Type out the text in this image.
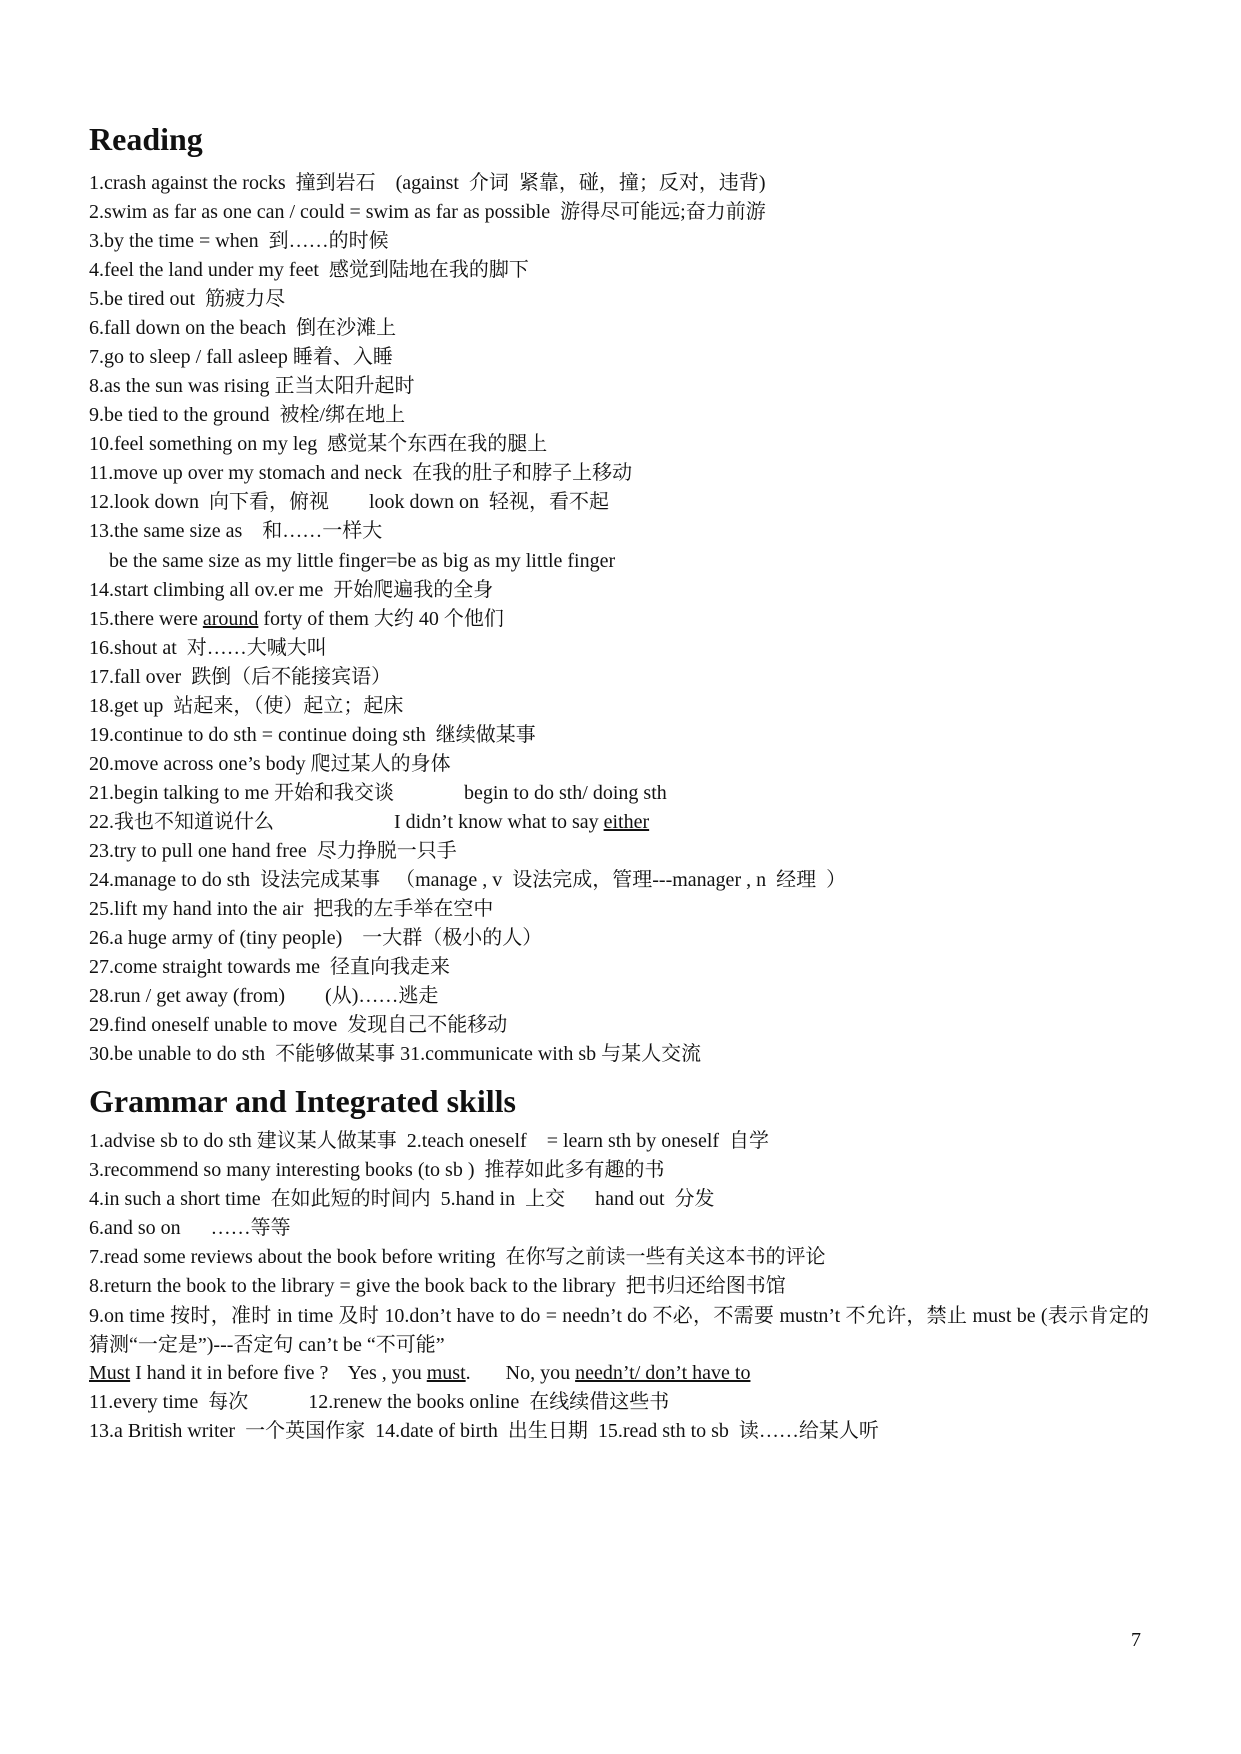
Reading

1.crash against the rocks  撞到岩石    (against  介词  紧靠，碰，撞；反对，违背)

2.swim as far as one can / could = swim as far as possible  游得尽可能远;奋力前游

3.by the time = when  到……的时候

4.feel the land under my feet  感觉到陆地在我的脚下

5.be tired out  筋疲力尽

6.fall down on the beach  倒在沙滩上

7.go to sleep / fall asleep 睡着、入睡

8.as the sun was rising 正当太阳升起时

9.be tied to the ground  被栓/绑在地上

10.feel something on my leg  感觉某个东西在我的腿上

11.move up over my stomach and neck  在我的肚子和脖子上移动

12.look down  向下看，俯视        look down on  轻视，看不起

13.the same size as    和……一样大

be the same size as my little finger=be as big as my little finger

14.start climbing all ov.er me  开始爬遍我的全身

15.there were around forty of them 大约 40 个他们

16.shout at  对……大喊大叫

17.fall over  跌倒（后不能接宾语）

18.get up  站起来，（使）起立；起床

19.continue to do sth = continue doing sth  继续做某事

20.move across one’s body 爬过某人的身体

21.begin talking to me 开始和我交谈              begin to do sth/ doing sth

22.我也不知道说什么                        I didn’t know what to say either

23.try to pull one hand free  尽力挣脱一只手

24.manage to do sth  设法完成某事   （manage , v  设法完成，管理---manager , n  经理  ）

25.lift my hand into the air  把我的左手举在空中

26.a huge army of (tiny people)    一大群（极小的人）

27.come straight towards me  径直向我走来

28.run / get away (from)        (从)……逃走

29.find oneself unable to move  发现自己不能移动

30.be unable to do sth  不能够做某事 31.communicate with sb 与某人交流

Grammar and Integrated skills

1.advise sb to do sth 建议某人做某事  2.teach oneself    = learn sth by oneself  自学

3.recommend so many interesting books (to sb )  推荐如此多有趣的书

4.in such a short time  在如此短的时间内  5.hand in  上交      hand out  分发

6.and so on      ……等等

7.read some reviews about the book before writing  在你写之前读一些有关这本书的评论

8.return the book to the library = give the book back to the library  把书归还给图书馆

9.on time 按时，准时 in time 及时 10.don’t have to do = needn’t do 不必，不需要 mustn’t 不允许，禁止 must be (表示肯定的猜测“一定是”)---否定句 can’t be “不可能”

Must I hand it in before five ?    Yes , you must.       No, you needn’t/ don’t have to

11.every time  每次            12.renew the books online  在线续借这些书

13.a British writer  一个英国作家  14.date of birth  出生日期  15.read sth to sb  读……给某人听

7
